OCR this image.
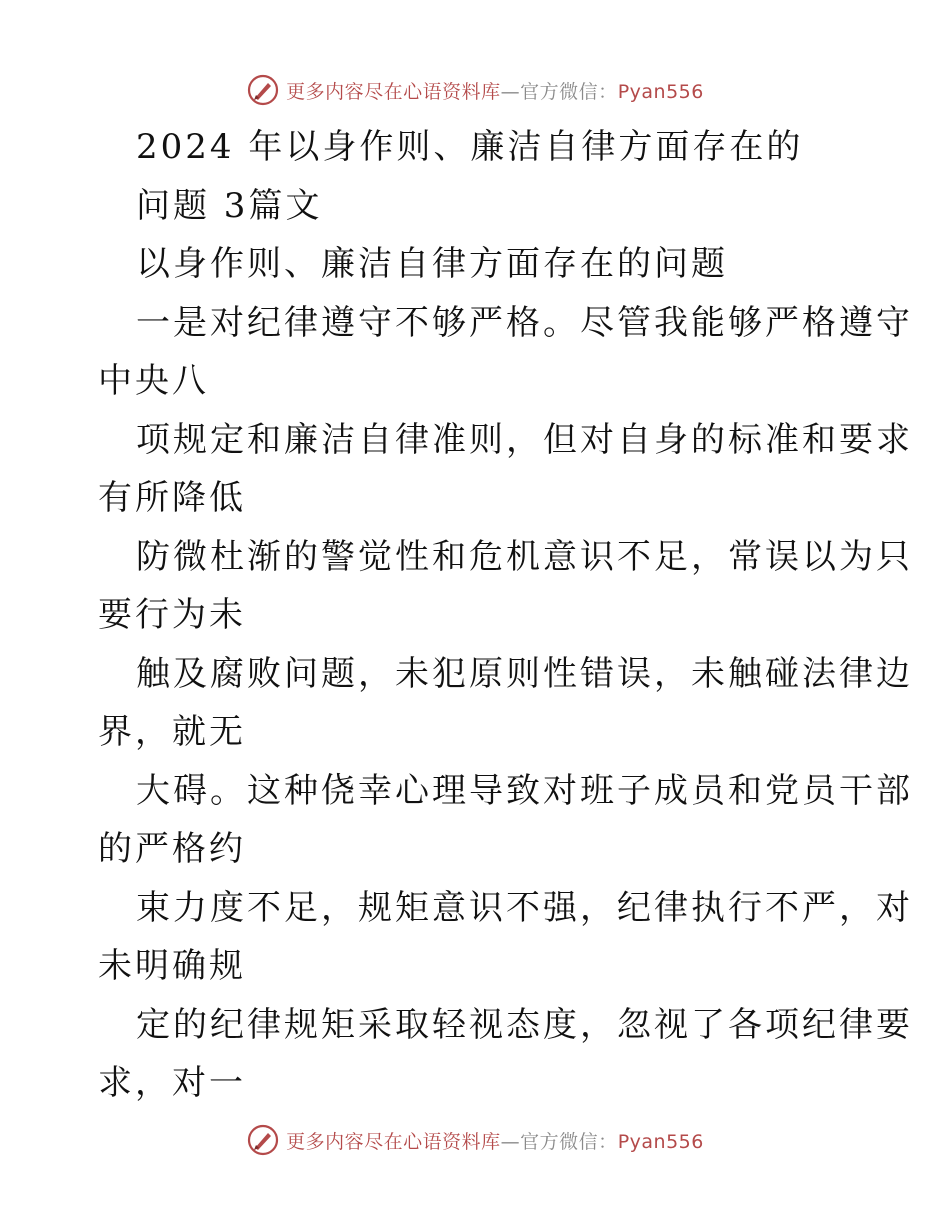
更多内容尽在心语资料库—官方微信：Pyan556
2024 年以身作则、廉洁自律方面存在的
问题 3篇文
以身作则、廉洁自律方面存在的问题
一是对纪律遵守不够严格。尽管我能够严格遵守
中央八
项规定和廉洁自律准则，但对自身的标准和要求
有所降低
防微杜渐的警觉性和危机意识不足，常误以为只
要行为未
触及腐败问题，未犯原则性错误，未触碰法律边
界，就无
大碍。这种侥幸心理导致对班子成员和党员干部
的严格约
束力度不足，规矩意识不强，纪律执行不严，对
未明确规
定的纪律规矩采取轻视态度，忽视了各项纪律要
求，对一
更多内容尽在心语资料库—官方微信：Pyan556
